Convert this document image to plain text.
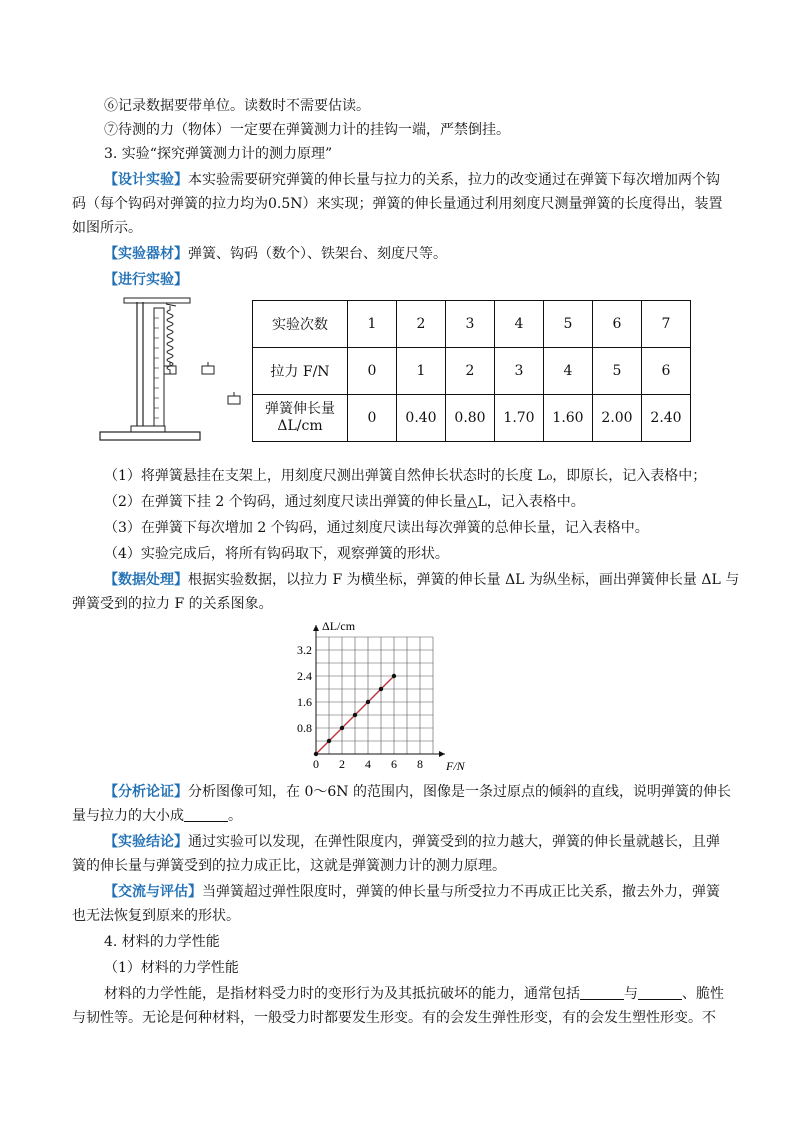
⑥记录数据要带单位。读数时不需要估读。
⑦待测的力（物体）一定要在弹簧测力计的挂钩一端，严禁倒挂。
3. 实验“探究弹簧测力计的测力原理”
【设计实验】本实验需要研究弹簧的伸长量与拉力的关系，拉力的改变通过在弹簧下每次增加两个钩
码（每个钩码对弹簧的拉力均为0.5N）来实现；弹簧的伸长量通过利用刻度尺测量弹簧的长度得出，装置
如图所示。
【实验器材】弹簧、钩码（数个）、铁架台、刻度尺等。
【进行实验】
实验次数	1	2	3	4	5	6	7
拉力 F/N	0	1	2	3	4	5	6

弹簧伸长量
ΔL/cm	0	0.40	0.80	1.70	1.60	2.00	2.40
（1）将弹簧悬挂在支架上，用刻度尺测出弹簧自然伸长状态时的长度 L₀，即原长，记入表格中；
（2）在弹簧下挂 2 个钩码，通过刻度尺读出弹簧的伸长量△L，记入表格中。
（3）在弹簧下每次增加 2 个钩码，通过刻度尺读出每次弹簧的总伸长量，记入表格中。
（4）实验完成后，将所有钩码取下，观察弹簧的形状。
【数据处理】根据实验数据，以拉力 F 为横坐标，弹簧的伸长量 ΔL 为纵坐标，画出弹簧伸长量 ΔL 与
弹簧受到的拉力 F 的关系图象。
0 2 4 6 8
0.8
1.6
2.4
3.2
ΔL/cm
F/N
【分析论证】分析图像可知，在 0～6N 的范围内，图像是一条过原点的倾斜的直线，说明弹簧的伸长
量与拉力的大小成	。
【实验结论】通过实验可以发现，在弹性限度内，弹簧受到的拉力越大，弹簧的伸长量就越长，且弹
簧的伸长量与弹簧受到的拉力成正比，这就是弹簧测力计的测力原理。
【交流与评估】当弹簧超过弹性限度时，弹簧的伸长量与所受拉力不再成正比关系，撤去外力，弹簧
也无法恢复到原来的形状。
4. 材料的力学性能
（1）材料的力学性能
材料的力学性能，是指材料受力时的变形行为及其抵抗破坏的能力，通常包括	与	、脆性
与韧性等。无论是何种材料，一般受力时都要发生形变。有的会发生弹性形变，有的会发生塑性形变。不
